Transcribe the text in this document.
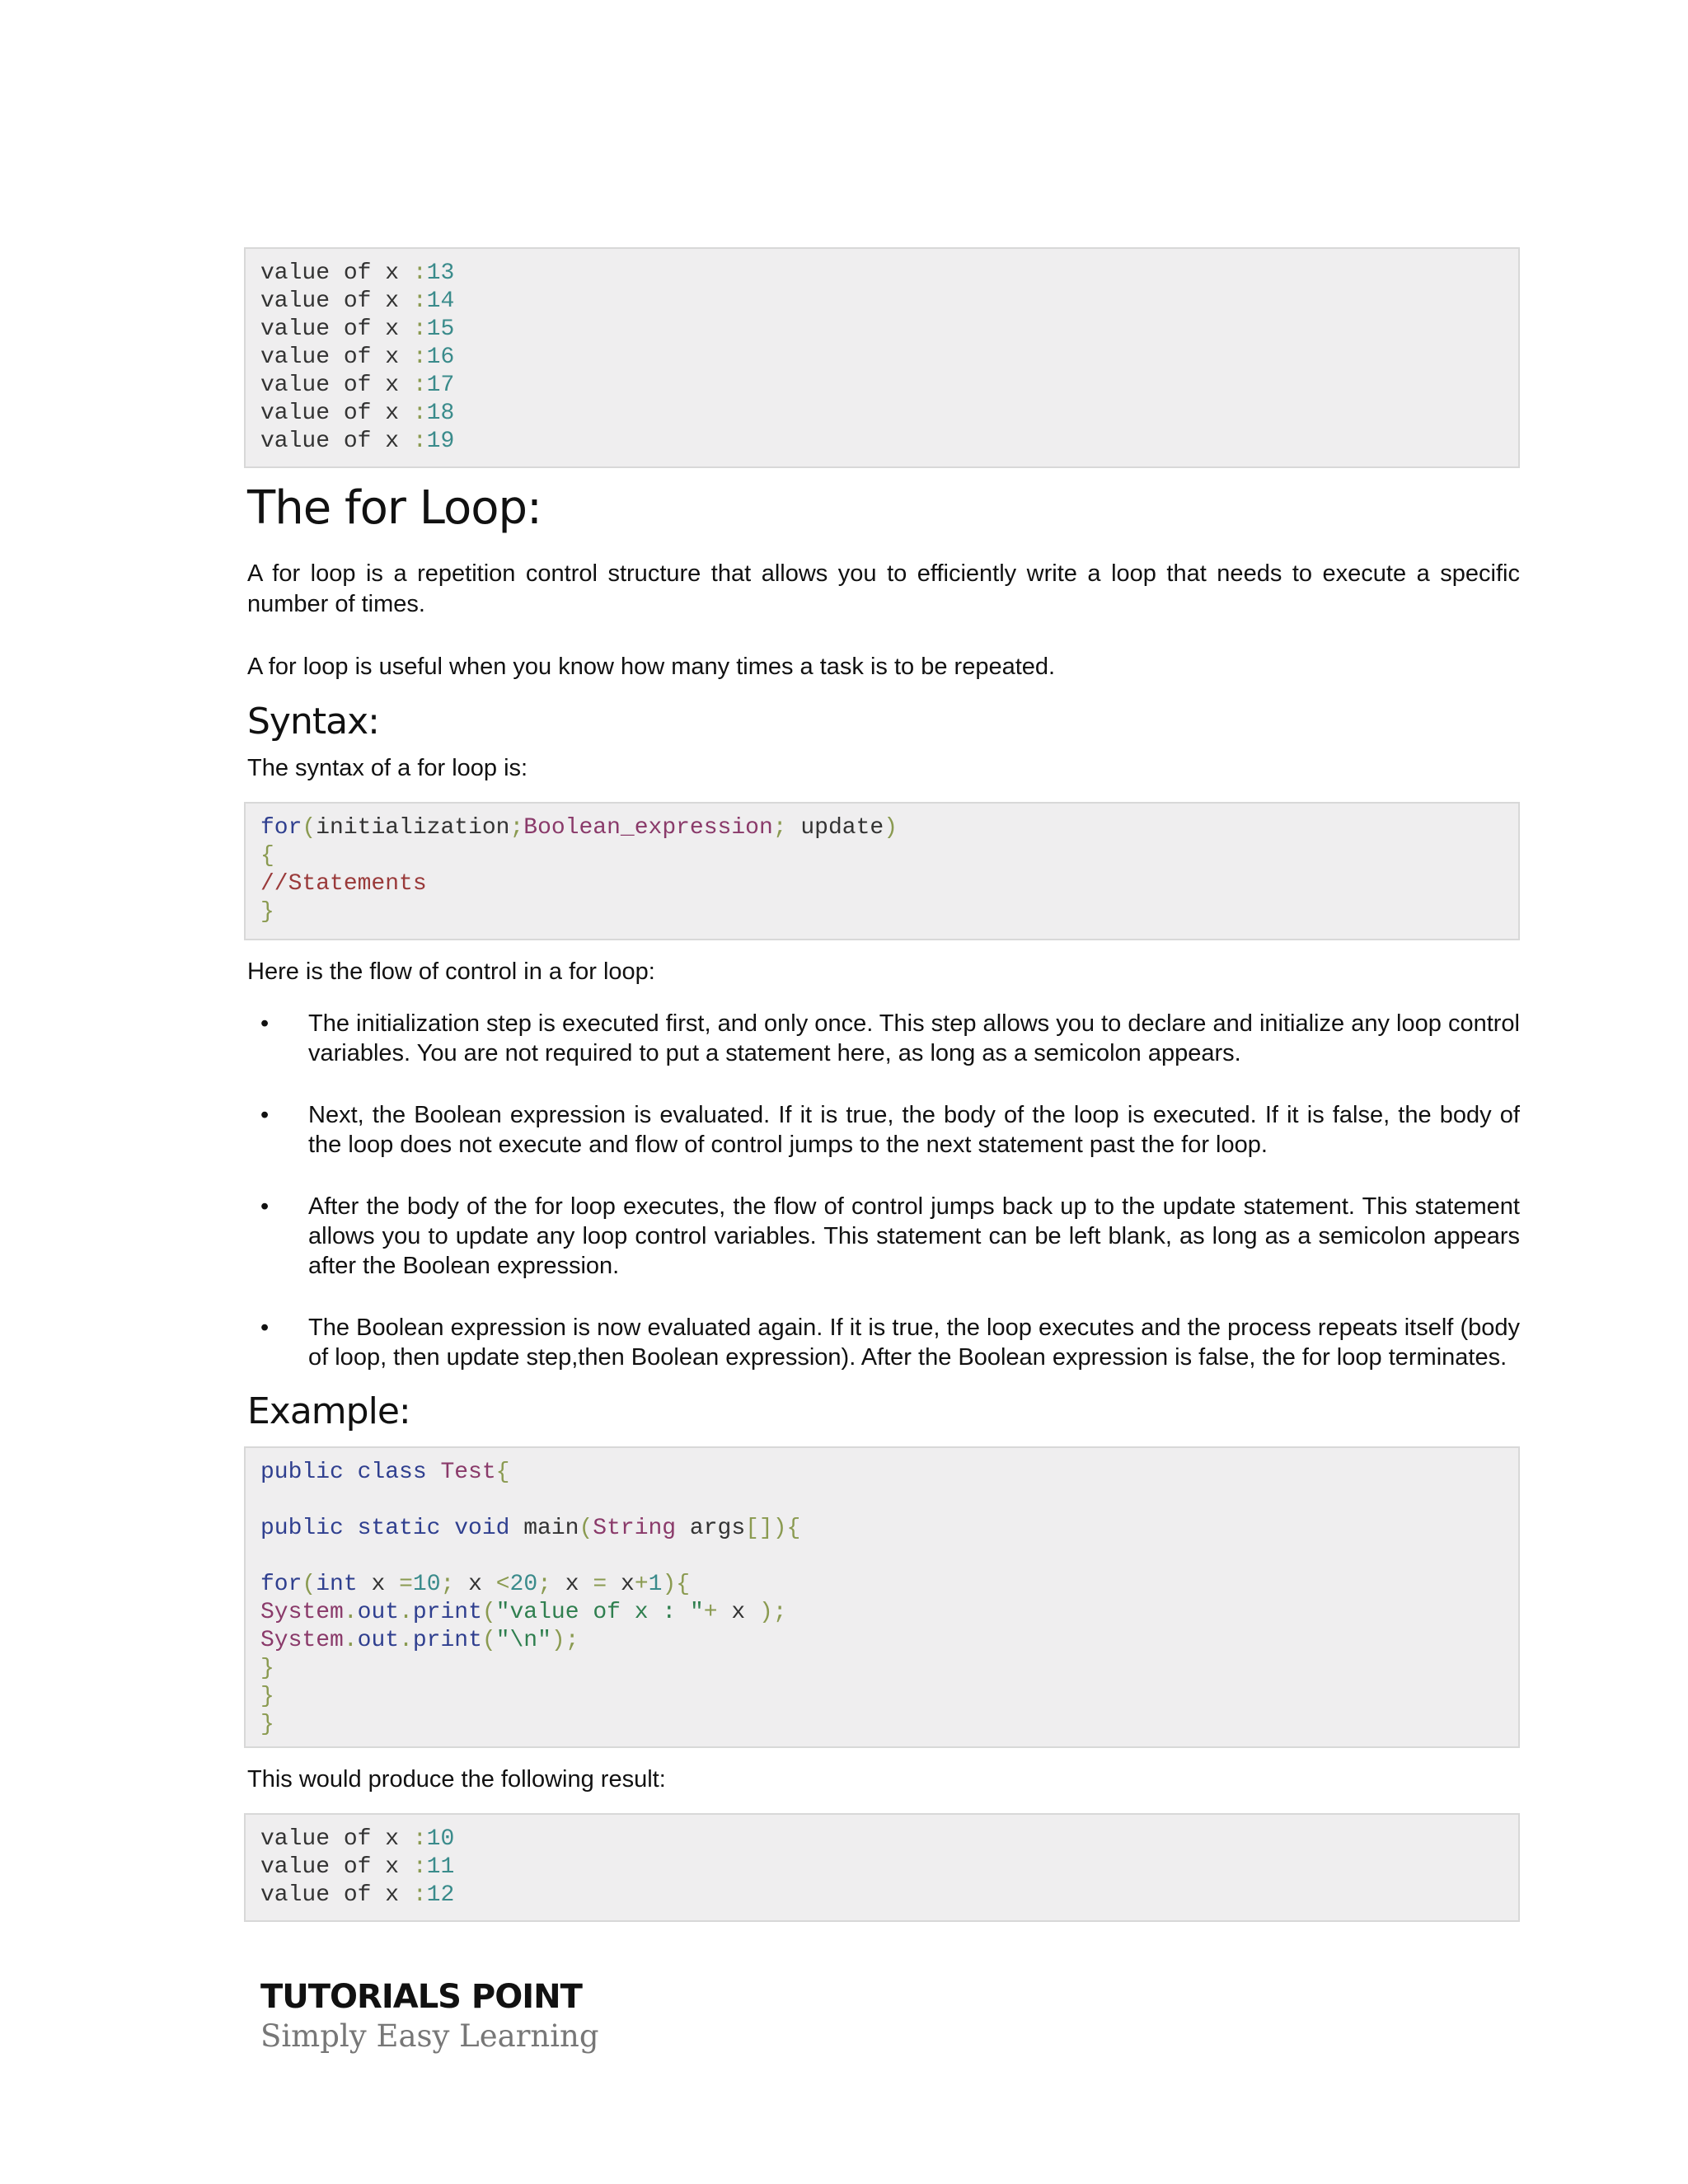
value of x :13
value of x :14
value of x :15
value of x :16
value of x :17
value of x :18
value of x :19
The for Loop:

A for loop is a repetition control structure that allows you to efficiently write a loop that needs to execute a specific number of times.

A for loop is useful when you know how many times a task is to be repeated.

Syntax:

The syntax of a for loop is:

for(initialization;Boolean_expression; update)
{
//Statements
}

Here is the flow of control in a for loop:

• The initialization step is executed first, and only once. This step allows you to declare and initialize any loop control variables. You are not required to put a statement here, as long as a semicolon appears.
• Next, the Boolean expression is evaluated. If it is true, the body of the loop is executed. If it is false, the body of the loop does not execute and flow of control jumps to the next statement past the for loop.
• After the body of the for loop executes, the flow of control jumps back up to the update statement. This statement allows you to update any loop control variables. This statement can be left blank, as long as a semicolon appears after the Boolean expression.
• The Boolean expression is now evaluated again. If it is true, the loop executes and the process repeats itself (body of loop, then update step,then Boolean expression). After the Boolean expression is false, the for loop terminates.
Example:
public class Test{

public static void main(String args[]){

for(int x =10; x <20; x = x+1){
System.out.print("value of x : "+ x );
System.out.print("\n");
}
}
}

This would produce the following result:

value of x :10
value of x :11
value of x :12
TUTORIALS POINT
Simply Easy Learning
